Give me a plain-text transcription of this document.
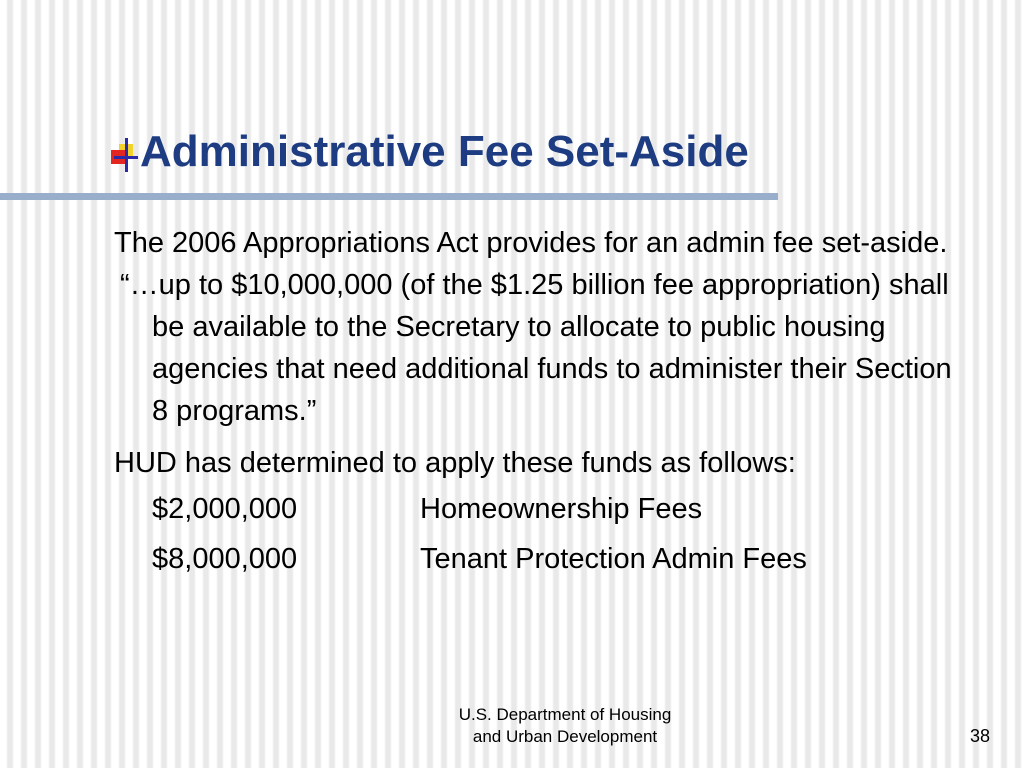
Administrative Fee Set-Aside

The 2006 Appropriations Act provides for an admin fee set-aside.

“…up to $10,000,000 (of the $1.25 billion fee appropriation) shall be available to the Secretary to allocate to public housing agencies that need additional funds to administer their Section 8 programs.”

HUD has determined to apply these funds as follows:

$2,000,000	Homeownership Fees
$8,000,000	Tenant Protection Admin Fees
U.S. Department of Housing
and Urban Development	38
